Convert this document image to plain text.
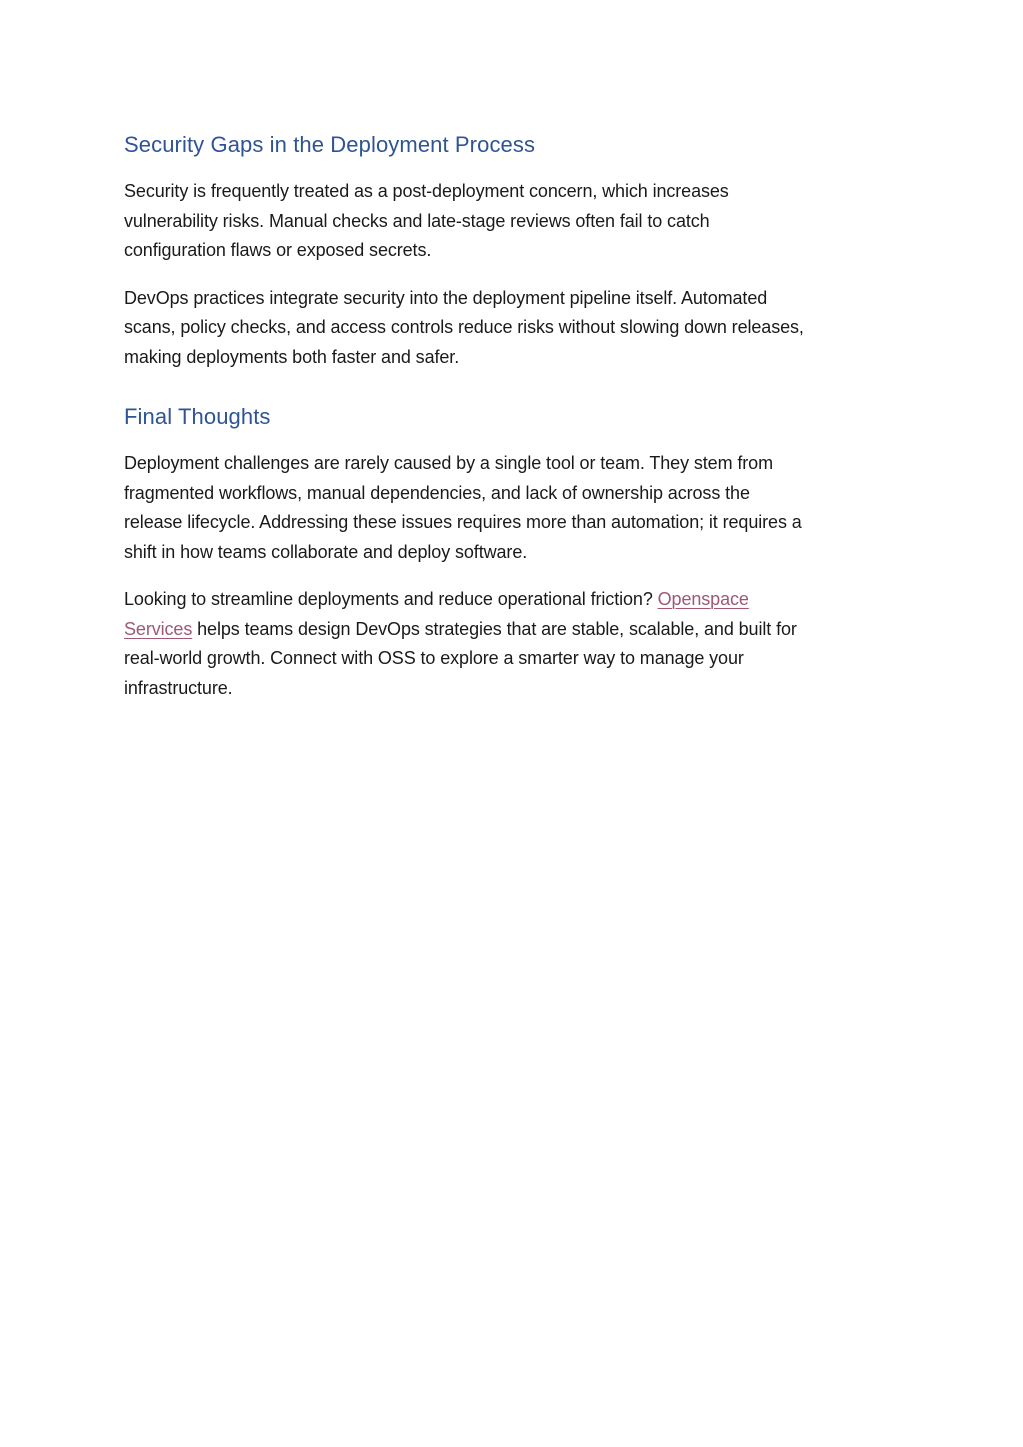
Security Gaps in the Deployment Process

Security is frequently treated as a post-deployment concern, which increases
vulnerability risks. Manual checks and late-stage reviews often fail to catch
configuration flaws or exposed secrets.

DevOps practices integrate security into the deployment pipeline itself. Automated
scans, policy checks, and access controls reduce risks without slowing down releases,
making deployments both faster and safer.

Final Thoughts

Deployment challenges are rarely caused by a single tool or team. They stem from
fragmented workflows, manual dependencies, and lack of ownership across the
release lifecycle. Addressing these issues requires more than automation; it requires a
shift in how teams collaborate and deploy software.

Looking to streamline deployments and reduce operational friction? Openspace
Services helps teams design DevOps strategies that are stable, scalable, and built for
real-world growth. Connect with OSS to explore a smarter way to manage your
infrastructure.
